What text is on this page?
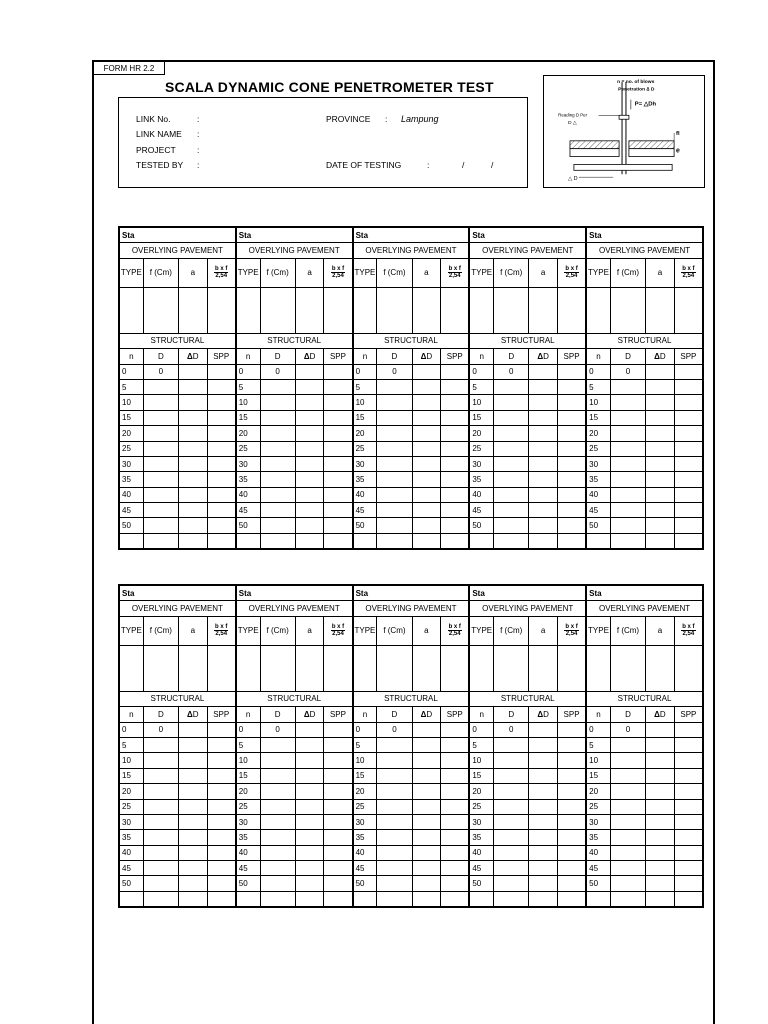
FORM HR 2.2
SCALA DYNAMIC CONE PENETROMETER TEST
LINK No.	:
LINK NAME :
PROJECT	:
TESTED BY :
PROVINCE : Lampung
DATE OF TESTING	:	/	/
n = no. of blows
Penetration ∆ D
P= △Dh
Reading D Per
D △
fl
e
△ D
Sta				Sta				Sta				Sta				Sta			
OVERLYING PAVEMENT				OVERLYING PAVEMENT				OVERLYING PAVEMENT				OVERLYING PAVEMENT				OVERLYING PAVEMENT			
TYPE	f (Cm)	a	$\frac{\text{b x f}}{2,54}$	TYPE	f (Cm)	a	$\frac{\text{b x f}}{2,54}$	TYPE	f (Cm)	a	$\frac{\text{b x f}}{2,54}$	TYPE	f (Cm)	a	$\frac{\text{b x f}}{2,54}$	TYPE	f (Cm)	a	$\frac{\text{b x f}}{2,54}$

STRUCTURAL				STRUCTURAL				STRUCTURAL				STRUCTURAL				STRUCTURAL			
n	D	ΔD	SPP	n	D	ΔD	SPP	n	D	ΔD	SPP	n	D	ΔD	SPP	n	D	ΔD	SPP
0	0			0	0			0	0			0	0			0	0		
5				5				5				5				5			
10				10				10				10				10			
15				15				15				15				15			
20				20				20				20				20			
25				25				25				25				25			
30				30				30				30				30			
35				35				35				35				35			
40				40				40				40				40			
45				45				45				45				45			
50				50				50				50				50			

Sta				Sta				Sta				Sta				Sta			
OVERLYING PAVEMENT				OVERLYING PAVEMENT				OVERLYING PAVEMENT				OVERLYING PAVEMENT				OVERLYING PAVEMENT			
TYPE	f (Cm)	a	$\frac{\text{b x f}}{2,54}$	TYPE	f (Cm)	a	$\frac{\text{b x f}}{2,54}$	TYPE	f (Cm)	a	$\frac{\text{b x f}}{2,54}$	TYPE	f (Cm)	a	$\frac{\text{b x f}}{2,54}$	TYPE	f (Cm)	a	$\frac{\text{b x f}}{2,54}$

STRUCTURAL				STRUCTURAL				STRUCTURAL				STRUCTURAL				STRUCTURAL			
n	D	ΔD	SPP	n	D	ΔD	SPP	n	D	ΔD	SPP	n	D	ΔD	SPP	n	D	ΔD	SPP
0	0			0	0			0	0			0	0			0	0		
5				5				5				5				5			
10				10				10				10				10			
15				15				15				15				15			
20				20				20				20				20			
25				25				25				25				25			
30				30				30				30				30			
35				35				35				35				35			
40				40				40				40				40			
45				45				45				45				45			
50				50				50				50				50			
